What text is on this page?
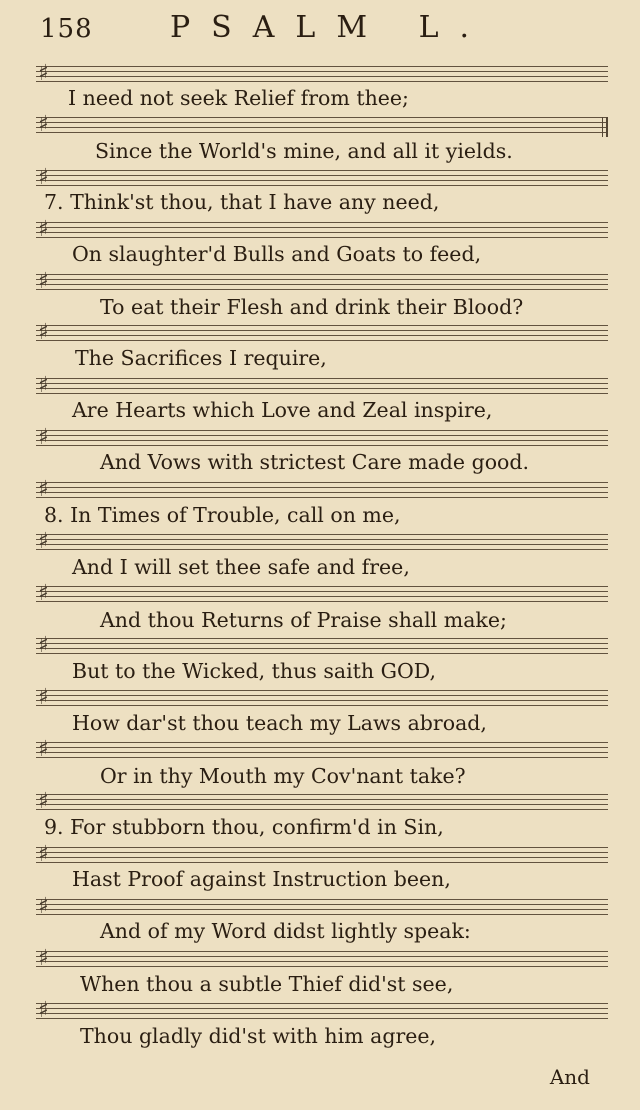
158	PSALM L.
♯
♯
♯
♯
♯
♯
♯
♯
♯
♯
♯
♯
♯
♯
♯
♯
♯
♯
♯
I need not seek Relief from thee;
Since the World's mine, and all it yields.
7. Think'st thou, that I have any need,
On slaughter'd Bulls and Goats to feed,
To eat their Flesh and drink their Blood?
The Sacrifices I require,
Are Hearts which Love and Zeal inspire,
And Vows with strictest Care made good.
8. In Times of Trouble, call on me,
And I will set thee safe and free,
And thou Returns of Praise shall make;
But to the Wicked, thus saith GOD,
How dar'st thou teach my Laws abroad,
Or in thy Mouth my Cov'nant take?
9. For stubborn thou, confirm'd in Sin,
Hast Proof against Instruction been,
And of my Word didst lightly speak:
When thou a subtle Thief did'st see,
Thou gladly did'st with him agree,
And
